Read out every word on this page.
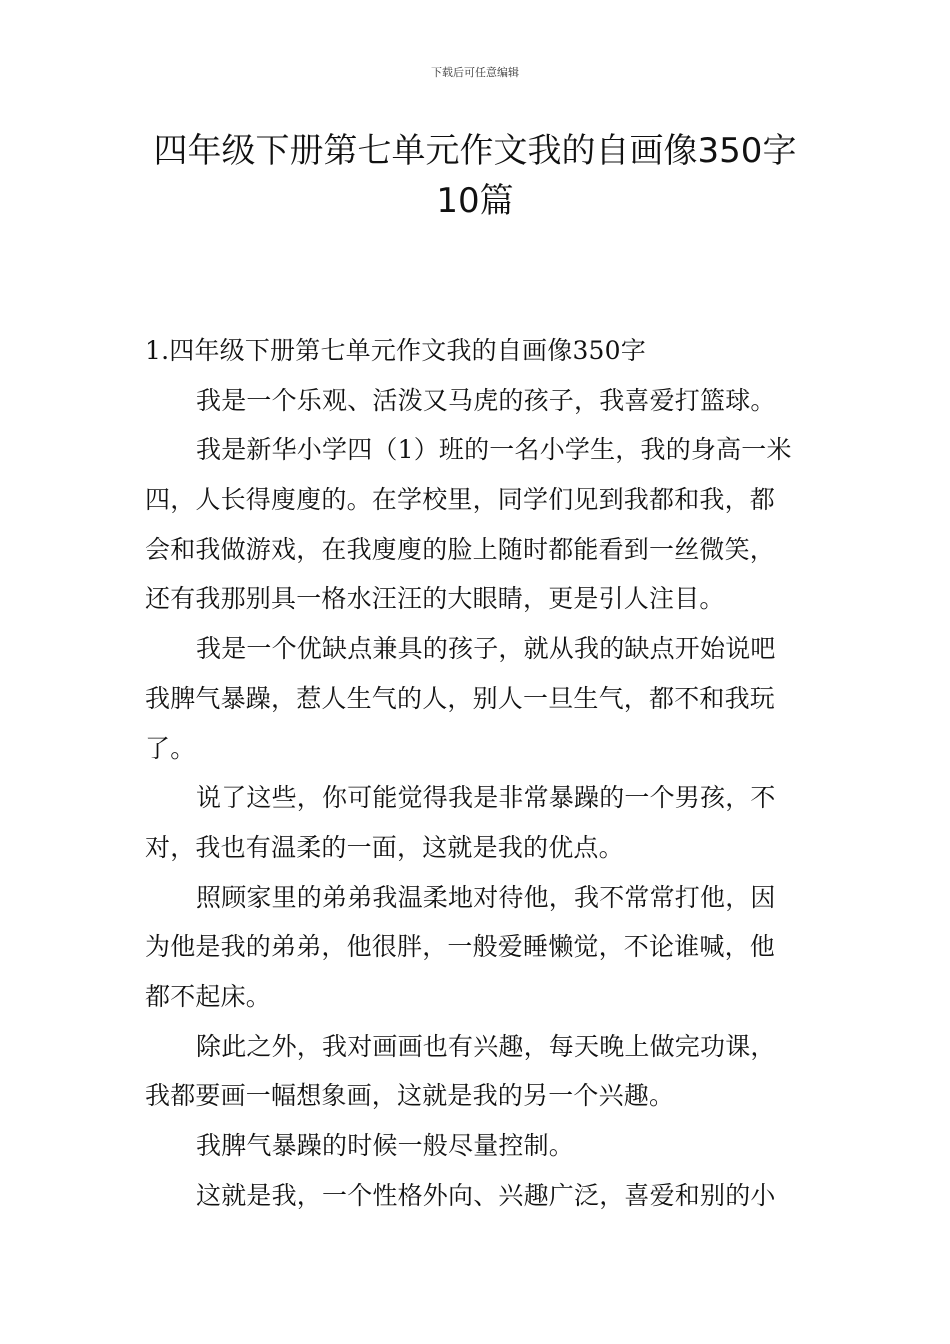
下载后可任意编辑
四年级下册第七单元作文我的自画像350字10篇
1.四年级下册第七单元作文我的自画像350字
我是一个乐观、活泼又马虎的孩子，我喜爱打篮球。
我是新华小学四（1）班的一名小学生，我的身高一米
四，人长得廋廋的。在学校里，同学们见到我都和我，都
会和我做游戏，在我廋廋的脸上随时都能看到一丝微笑，
还有我那别具一格水汪汪的大眼睛，更是引人注目。
我是一个优缺点兼具的孩子，就从我的缺点开始说吧
我脾气暴躁，惹人生气的人，别人一旦生气，都不和我玩
了。
说了这些，你可能觉得我是非常暴躁的一个男孩，不
对，我也有温柔的一面，这就是我的优点。
照顾家里的弟弟我温柔地对待他，我不常常打他，因
为他是我的弟弟，他很胖，一般爱睡懒觉，不论谁喊，他
都不起床。
除此之外，我对画画也有兴趣，每天晚上做完功课，
我都要画一幅想象画，这就是我的另一个兴趣。
我脾气暴躁的时候一般尽量控制。
这就是我，一个性格外向、兴趣广泛，喜爱和别的小
